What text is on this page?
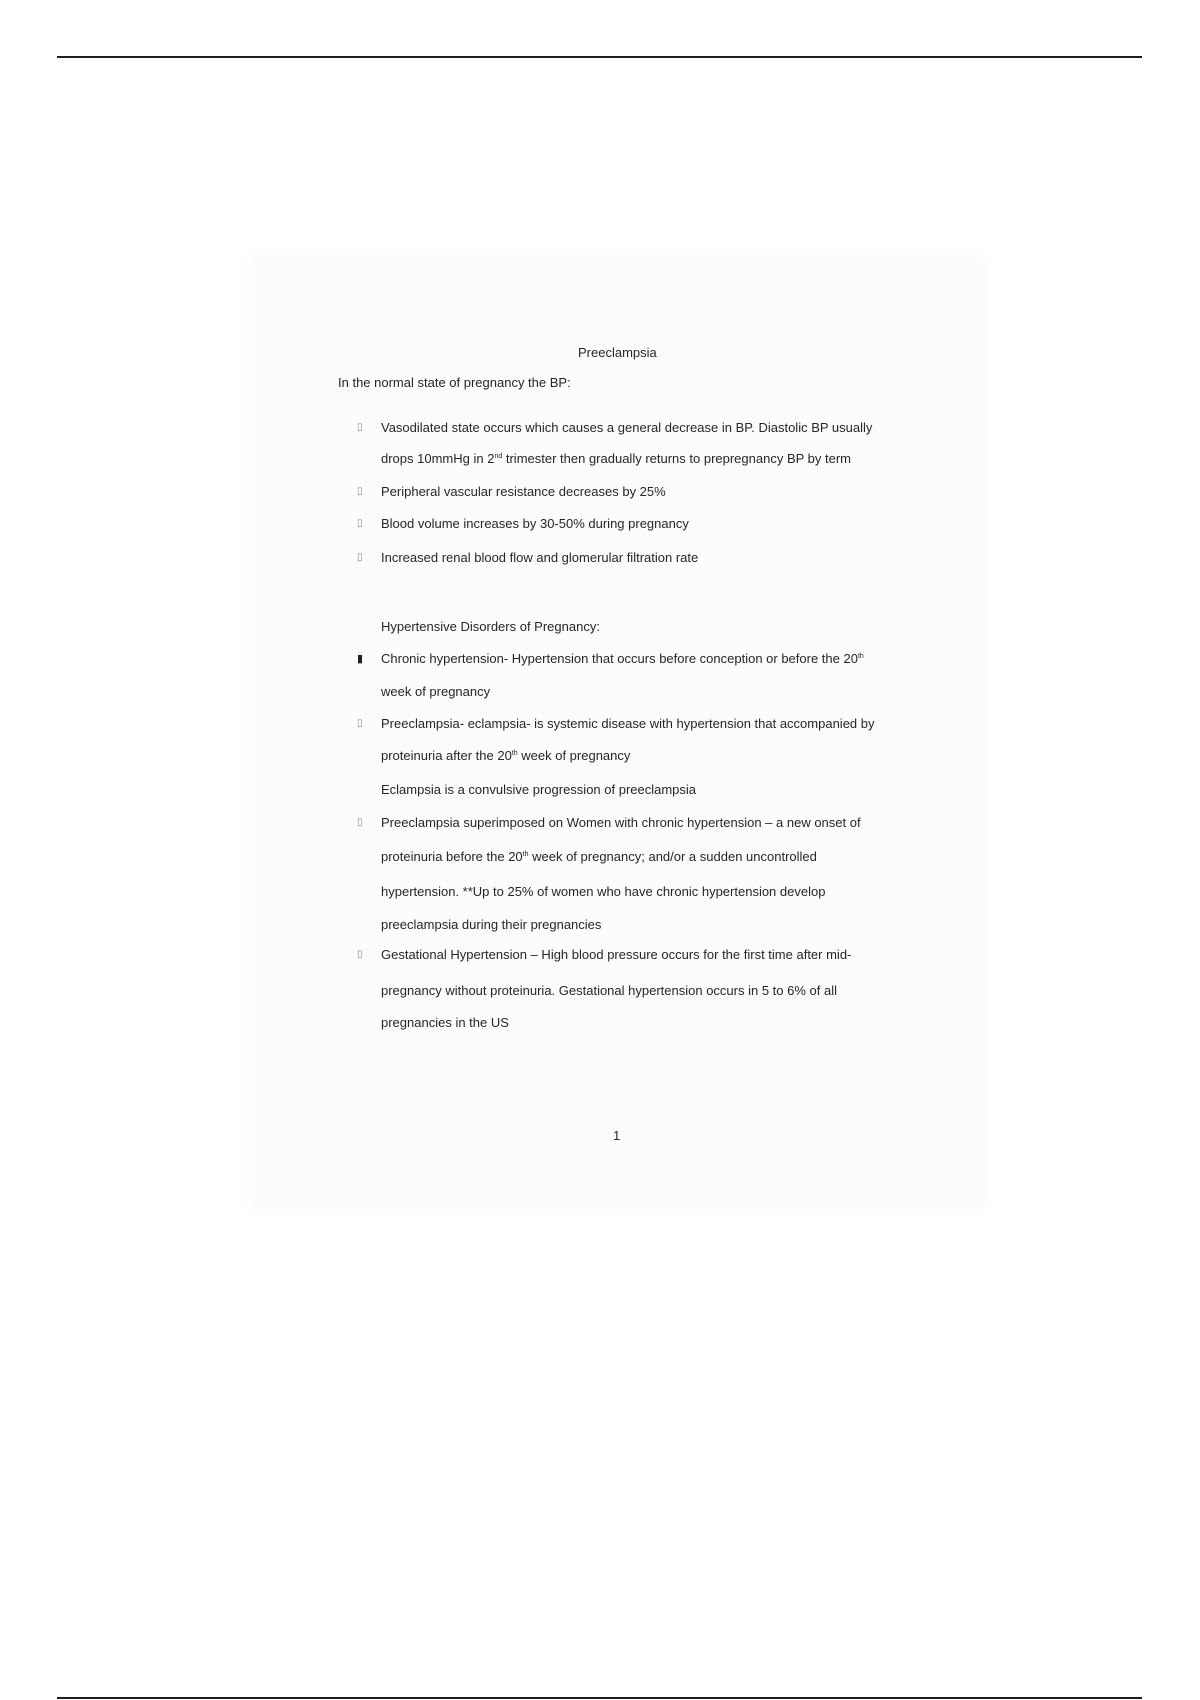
Preeclampsia
In the normal state of pregnancy the BP:
▯ Vasodilated state occurs which causes a general decrease in BP. Diastolic BP usually
drops 10mmHg in 2nd trimester then gradually returns to prepregnancy BP by term
▯ Peripheral vascular resistance decreases by 25%
▯ Blood volume increases by 30-50% during pregnancy
▯ Increased renal blood flow and glomerular filtration rate
Hypertensive Disorders of Pregnancy:
▮ Chronic hypertension- Hypertension that occurs before conception or before the 20th
week of pregnancy
▯ Preeclampsia- eclampsia- is systemic disease with hypertension that accompanied by
proteinuria after the 20th week of pregnancy
Eclampsia is a convulsive progression of preeclampsia
▯ Preeclampsia superimposed on Women with chronic hypertension – a new onset of
proteinuria before the 20th week of pregnancy; and/or a sudden uncontrolled
hypertension. **Up to 25% of women who have chronic hypertension develop
preeclampsia during their pregnancies
▯ Gestational Hypertension – High blood pressure occurs for the first time after mid-
pregnancy without proteinuria. Gestational hypertension occurs in 5 to 6% of all
pregnancies in the US
1
